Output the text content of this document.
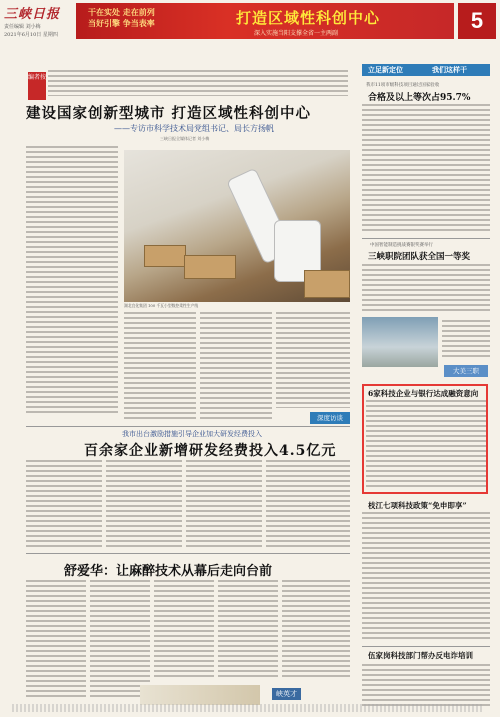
三峡日报
责任编辑 刘小梅
2021年6月10日 星期四
干在实处 走在前列
当好引擎 争当表率	打造区域性科创中心
深入实施当阳支撑全省一主两副
5
编者按
建设国家创新型城市 打造区域性科创中心
——专访市科学技术局党组书记、局长方扬帆
三峡日报全媒体记者 刘小梅
湖北宜化集团 100 千瓦小型数控柔性生产线
深度访谈
我市出台激励措施引导企业加大研发经费投入
百余家企业新增研发经费投入4.5亿元
舒爱华：让麻醉技术从幕后走向台前
峡英才
立足新定位	我们这样干
我市11项市级科技项目通过国家验收
合格及以上等次占95.7%
中国智能制造挑战赛银奖赛举行
三峡职院团队获全国一等奖
大美三职
6家科技企业与银行达成融资意向
枝江七项科技政策“免申即享”
伍家岗科技部门帮办反电诈培训
